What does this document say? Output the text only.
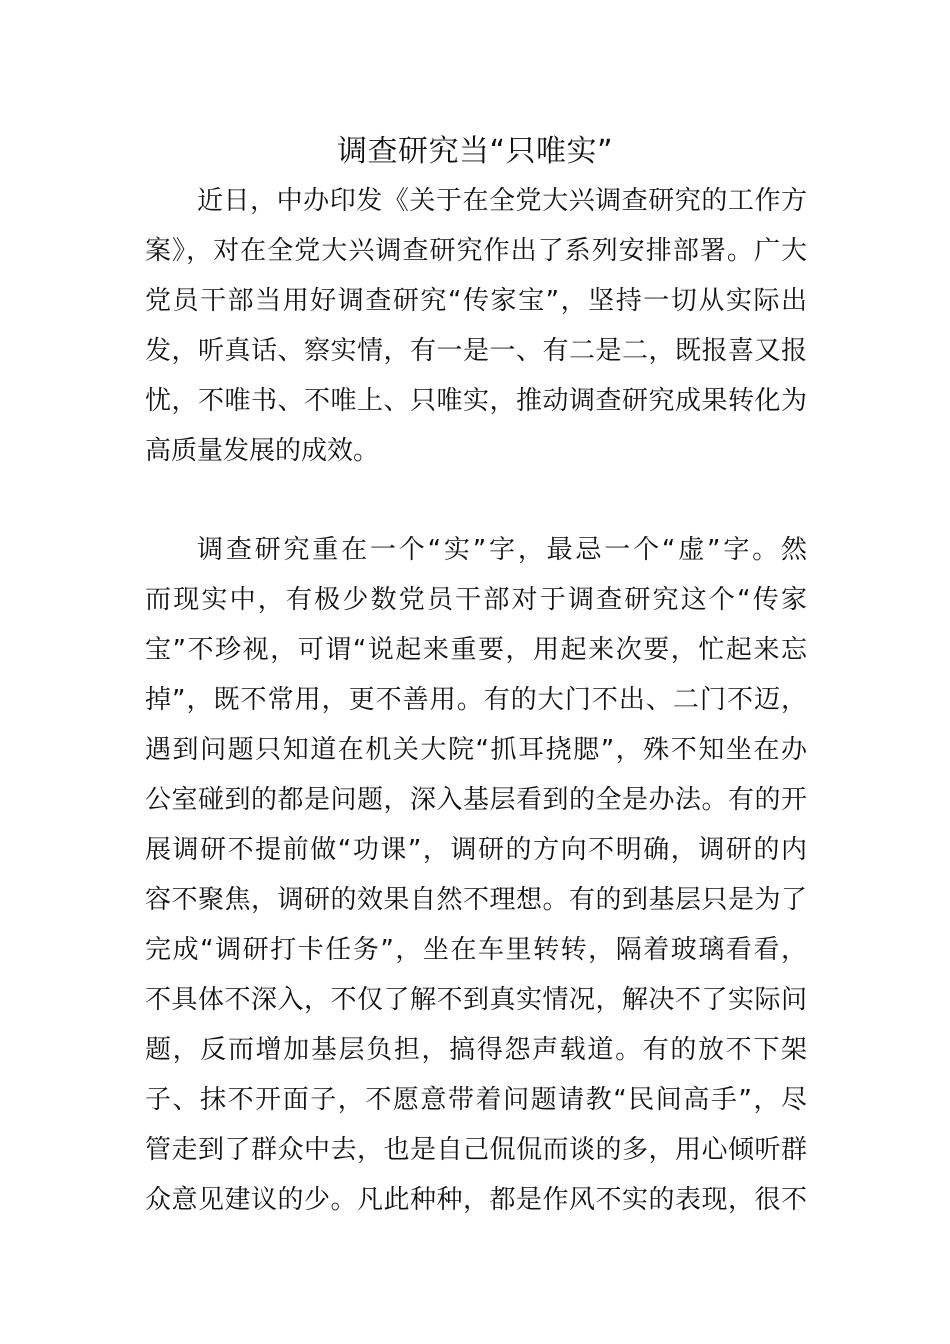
调查研究当“只唯实”
近日，中办印发《关于在全党大兴调查研究的工作方
案》，对在全党大兴调查研究作出了系列安排部署。广大
党员干部当用好调查研究“传家宝”，坚持一切从实际出
发，听真话、察实情，有一是一、有二是二，既报喜又报
忧，不唯书、不唯上、只唯实，推动调查研究成果转化为
高质量发展的成效。
调查研究重在一个“实”字，最忌一个“虚”字。然
而现实中，有极少数党员干部对于调查研究这个“传家
宝”不珍视，可谓“说起来重要，用起来次要，忙起来忘
掉”，既不常用，更不善用。有的大门不出、二门不迈，
遇到问题只知道在机关大院“抓耳挠腮”，殊不知坐在办
公室碰到的都是问题，深入基层看到的全是办法。有的开
展调研不提前做“功课”，调研的方向不明确，调研的内
容不聚焦，调研的效果自然不理想。有的到基层只是为了
完成“调研打卡任务”，坐在车里转转，隔着玻璃看看，
不具体不深入，不仅了解不到真实情况，解决不了实际问
题，反而增加基层负担，搞得怨声载道。有的放不下架
子、抹不开面子，不愿意带着问题请教“民间高手”，尽
管走到了群众中去，也是自己侃侃而谈的多，用心倾听群
众意见建议的少。凡此种种，都是作风不实的表现，很不
